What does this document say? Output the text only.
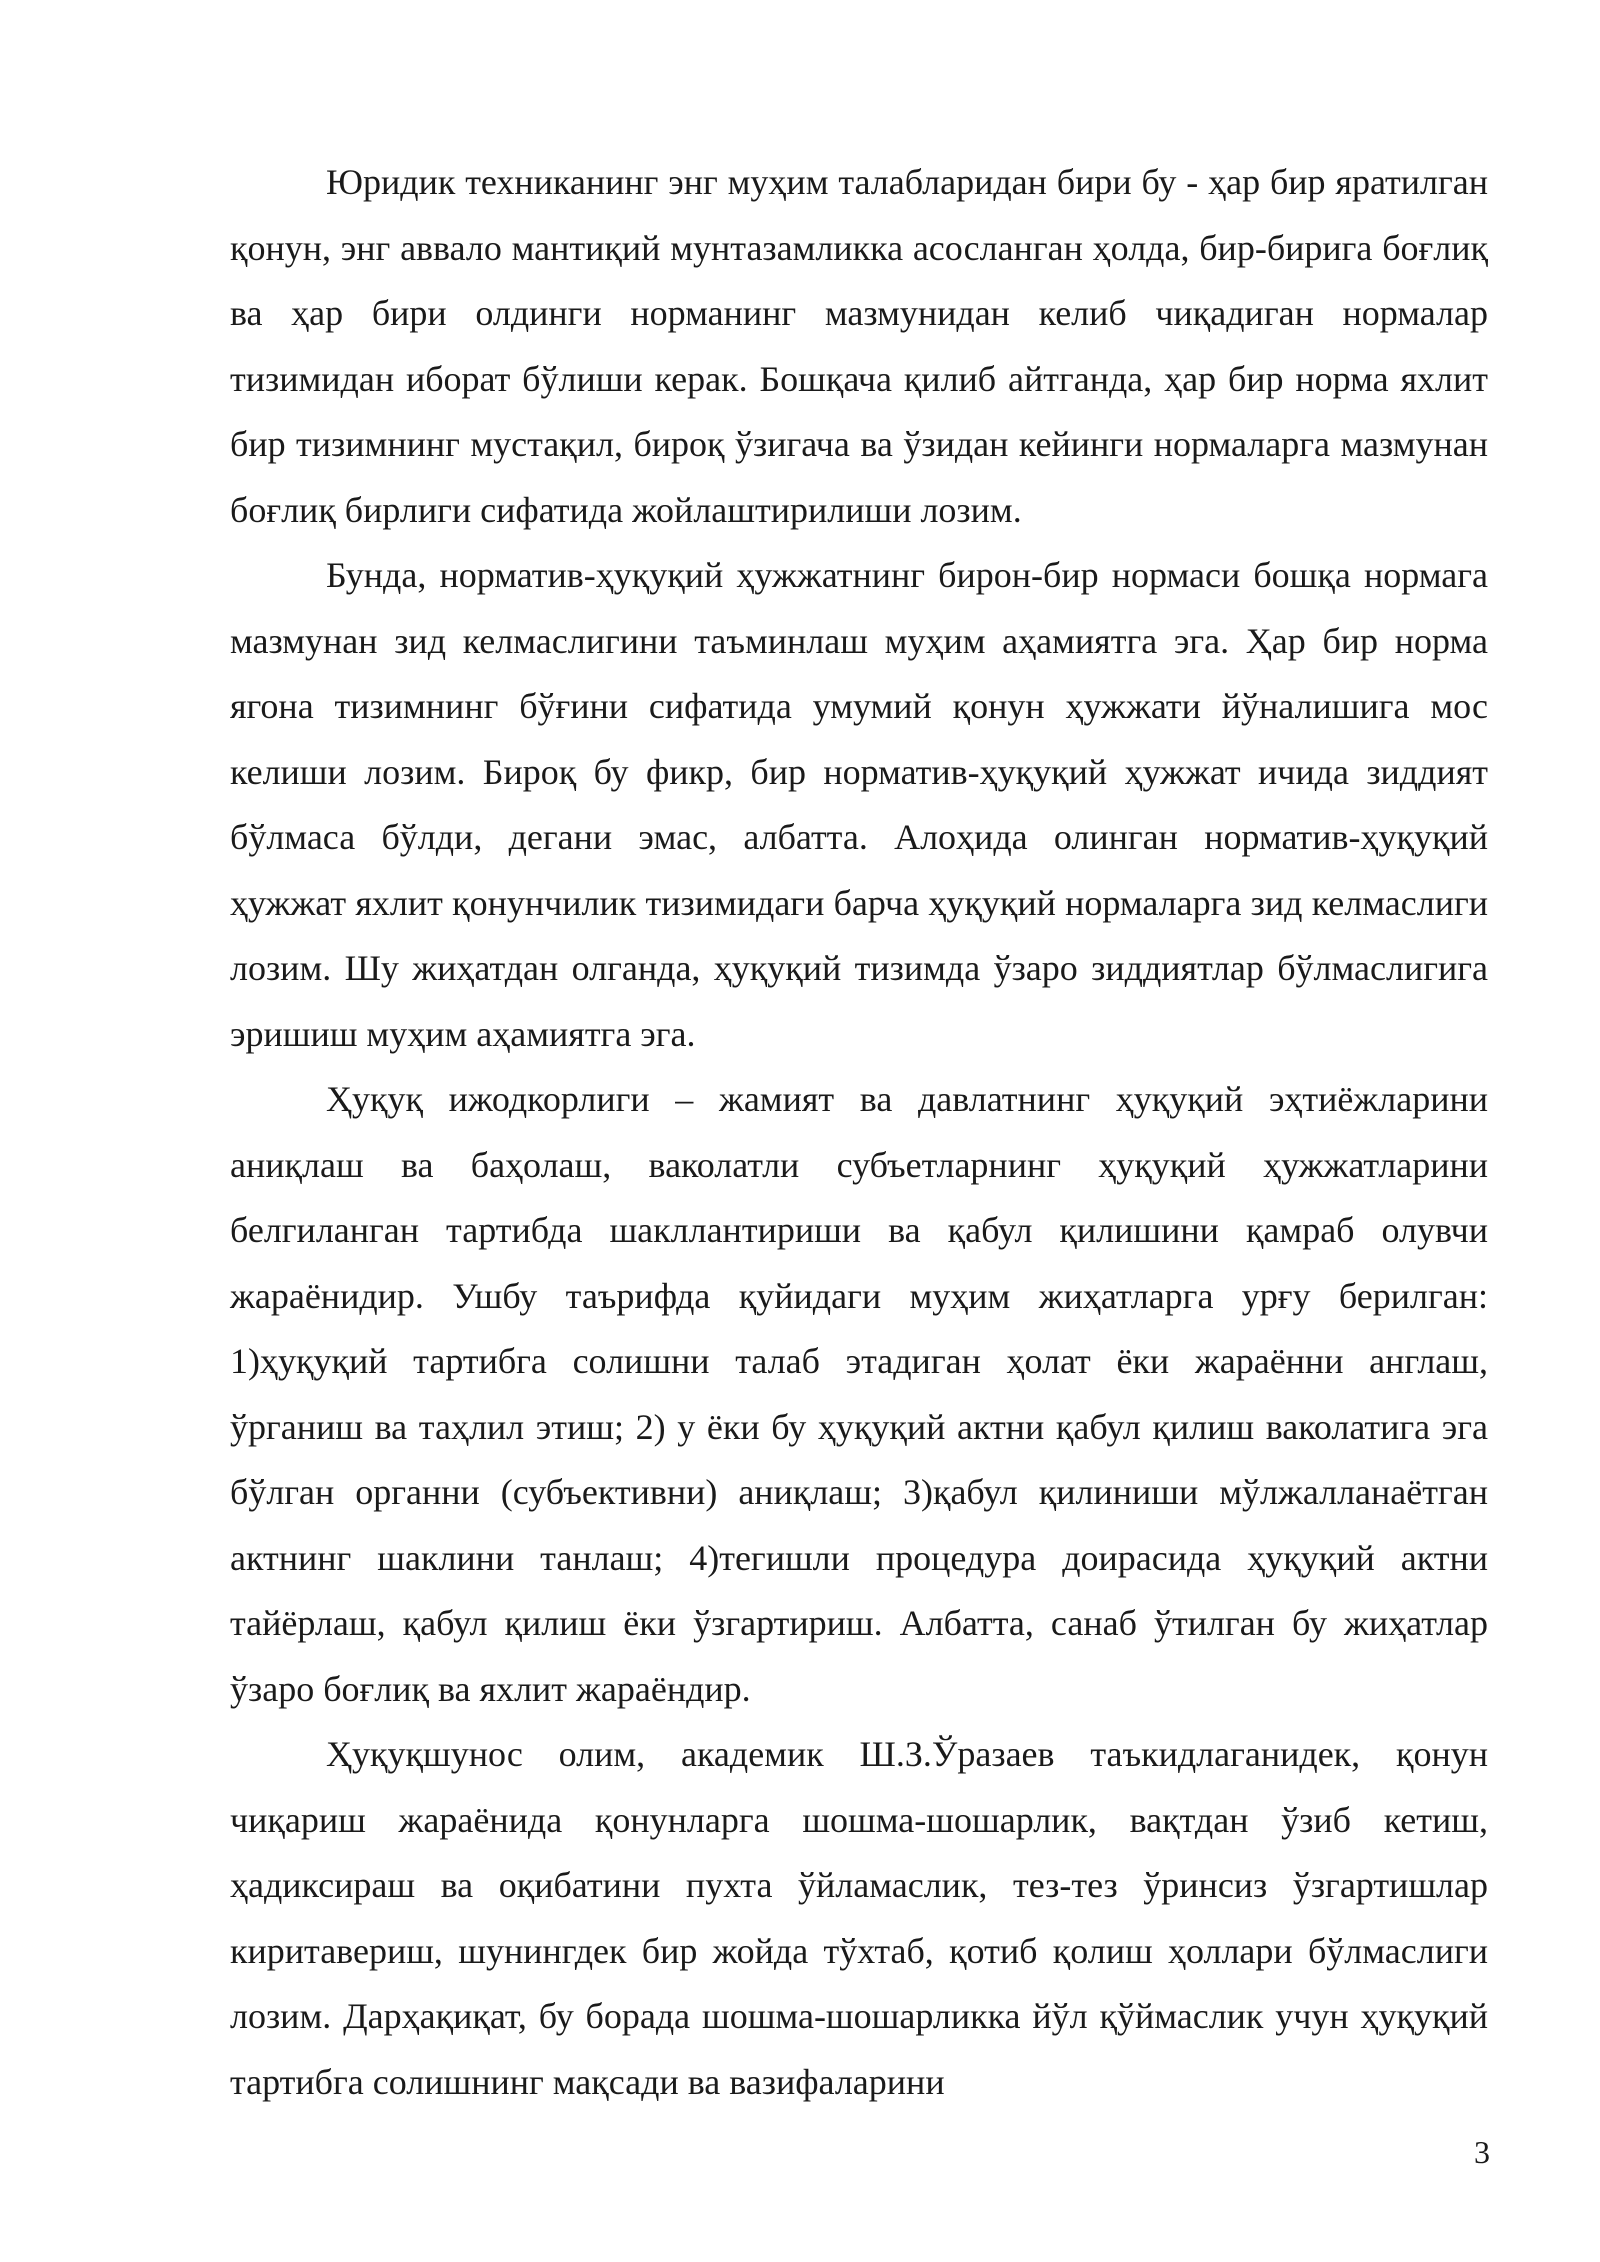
Юридик техниканинг энг муҳим талабларидан бири бу - ҳар бир яратилган қонун, энг аввало мантиқий мунтазамликка асосланган ҳолда, бир-бирига боғлиқ ва ҳар бири олдинги норманинг мазмунидан келиб чиқадиган нормалар тизимидан иборат бўлиши керак. Бошқача қилиб айтганда, ҳар бир норма яхлит бир тизимнинг мустақил, бироқ ўзигача ва ўзидан кейинги нормаларга мазмунан боғлиқ бирлиги сифатида жойлаштирилиши лозим.

Бунда, норматив-ҳуқуқий ҳужжатнинг бирон-бир нормаси бошқа нормага мазмунан зид келмаслигини таъминлаш муҳим аҳамиятга эга. Ҳар бир норма ягона тизимнинг бўғини сифатида умумий қонун ҳужжати йўналишига мос келиши лозим. Бироқ бу фикр, бир норматив-ҳуқуқий ҳужжат ичида зиддият бўлмаса бўлди, дегани эмас, албатта. Алоҳида олинган норматив-ҳуқуқий ҳужжат яхлит қонунчилик тизимидаги барча ҳуқуқий нормаларга зид келмаслиги лозим. Шу жиҳатдан олганда, ҳуқуқий тизимда ўзаро зиддиятлар бўлмаслигига эришиш муҳим аҳамиятга эга.

Ҳуқуқ ижодкорлиги – жамият ва давлатнинг ҳуқуқий эҳтиёжларини аниқлаш ва баҳолаш, ваколатли субъетларнинг ҳуқуқий ҳужжатларини белгиланган тартибда шакллантириши ва қабул қилишини қамраб олувчи жараёнидир. Ушбу таърифда қуйидаги муҳим жиҳатларга урғу берилган: 1)ҳуқуқий тартибга солишни талаб этадиган ҳолат ёки жараённи англаш, ўрганиш ва таҳлил этиш; 2) у ёки бу ҳуқуқий актни қабул қилиш ваколатига эга бўлган органни (субъективни) аниқлаш; 3)қабул қилиниши мўлжалланаётган актнинг шаклини танлаш; 4)тегишли процедура доирасида ҳуқуқий актни тайёрлаш, қабул қилиш ёки ўзгартириш. Албатта, санаб ўтилган бу жиҳатлар ўзаро боғлиқ ва яхлит жараёндир.

Ҳуқуқшунос олим, академик Ш.З.Ўразаев таъкидлаганидек, қонун чиқариш жараёнида қонунларга шошма-шошарлик, вақтдан ўзиб кетиш, ҳадиксираш ва оқибатини пухта ўйламаслик, тез-тез ўринсиз ўзгартишлар киритавериш, шунингдек бир жойда тўхтаб, қотиб қолиш ҳоллари бўлмаслиги лозим. Дарҳақиқат, бу борада шошма-шошарликка йўл қўймаслик учун ҳуқуқий тартибга солишнинг мақсади ва вазифаларини

3
